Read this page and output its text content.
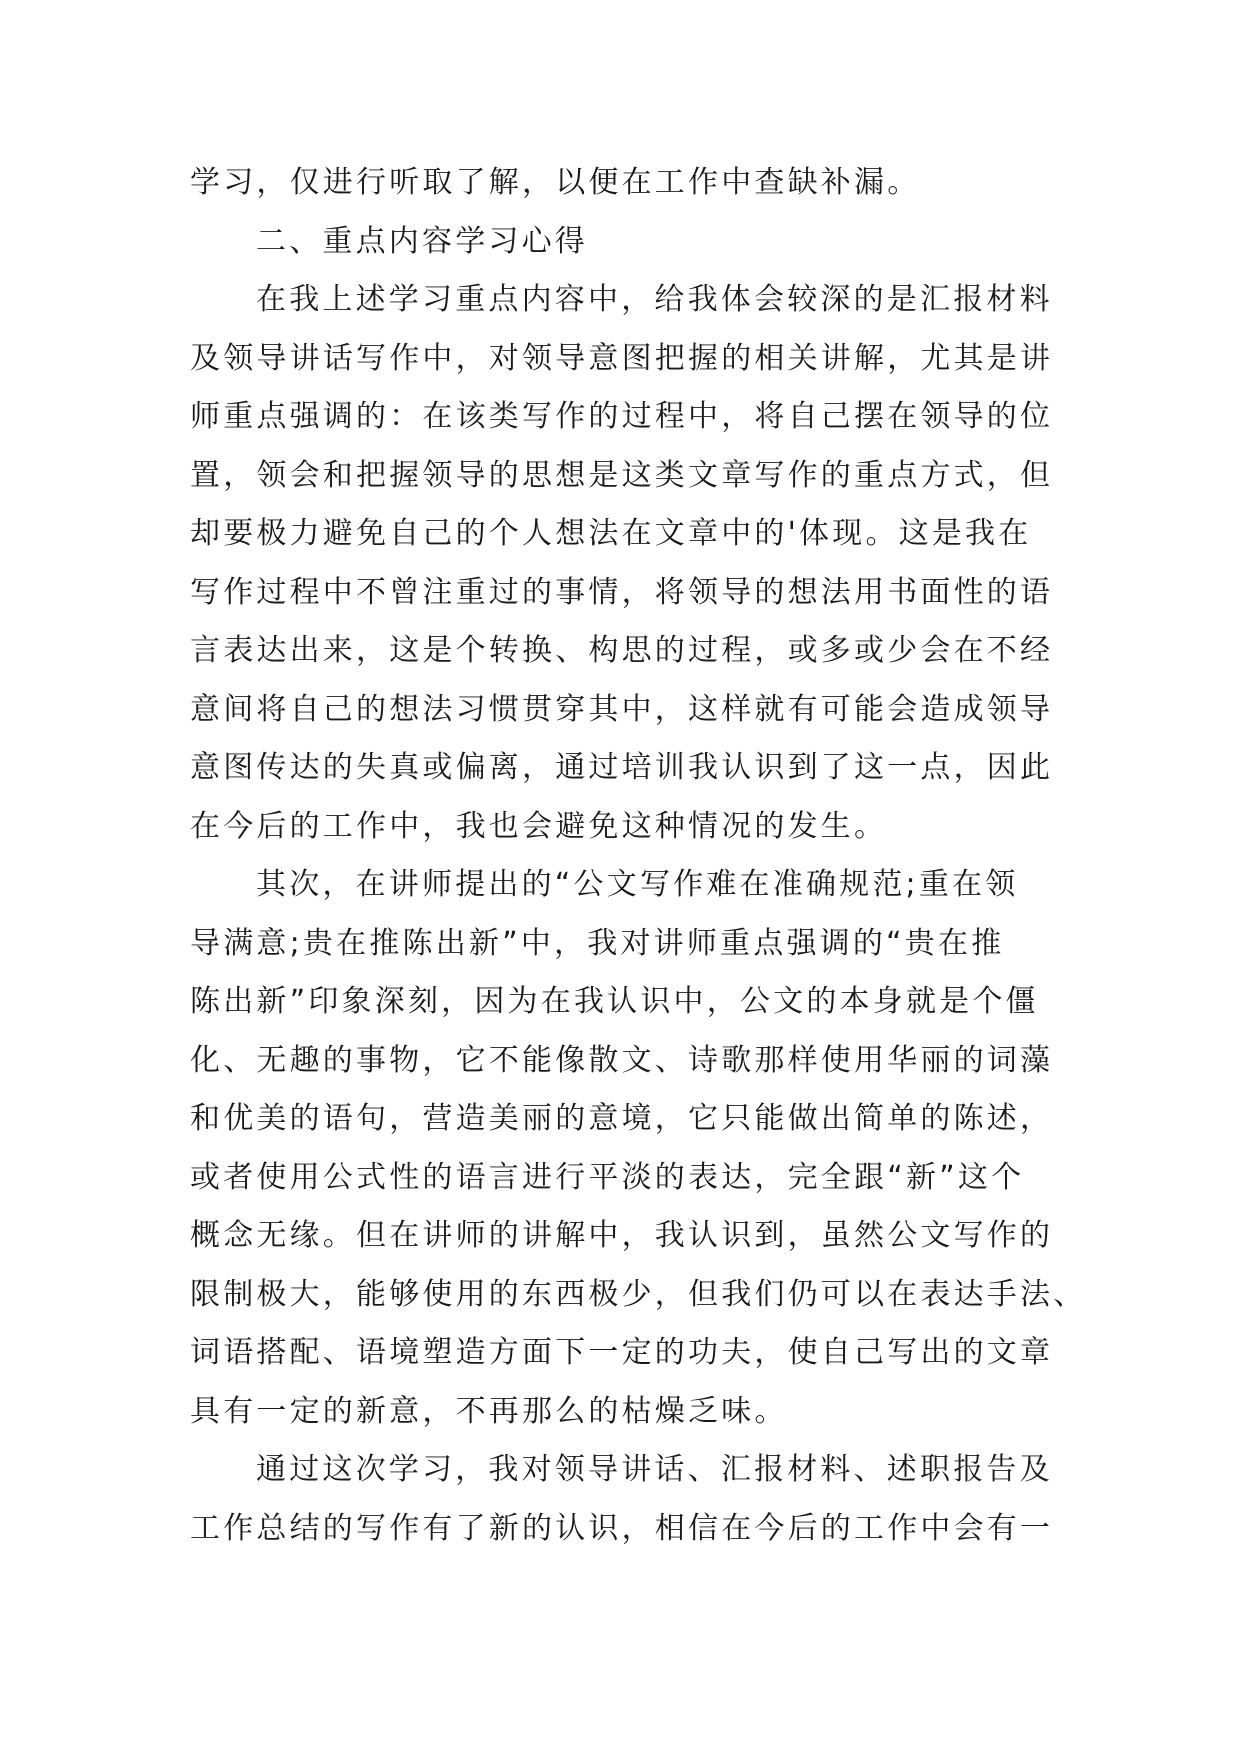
学习，仅进行听取了解，以便在工作中查缺补漏。
二、重点内容学习心得
在我上述学习重点内容中，给我体会较深的是汇报材料
及领导讲话写作中，对领导意图把握的相关讲解，尤其是讲
师重点强调的：在该类写作的过程中，将自己摆在领导的位
置，领会和把握领导的思想是这类文章写作的重点方式，但
却要极力避免自己的个人想法在文章中的'体现。这是我在
写作过程中不曾注重过的事情，将领导的想法用书面性的语
言表达出来，这是个转换、构思的过程，或多或少会在不经
意间将自己的想法习惯贯穿其中，这样就有可能会造成领导
意图传达的失真或偏离，通过培训我认识到了这一点，因此
在今后的工作中，我也会避免这种情况的发生。
其次，在讲师提出的“公文写作难在准确规范;重在领
导满意;贵在推陈出新”中，我对讲师重点强调的“贵在推
陈出新”印象深刻，因为在我认识中，公文的本身就是个僵
化、无趣的事物，它不能像散文、诗歌那样使用华丽的词藻
和优美的语句，营造美丽的意境，它只能做出简单的陈述，
或者使用公式性的语言进行平淡的表达，完全跟“新”这个
概念无缘。但在讲师的讲解中，我认识到，虽然公文写作的
限制极大，能够使用的东西极少，但我们仍可以在表达手法、
词语搭配、语境塑造方面下一定的功夫，使自己写出的文章
具有一定的新意，不再那么的枯燥乏味。
通过这次学习，我对领导讲话、汇报材料、述职报告及
工作总结的写作有了新的认识，相信在今后的工作中会有一
